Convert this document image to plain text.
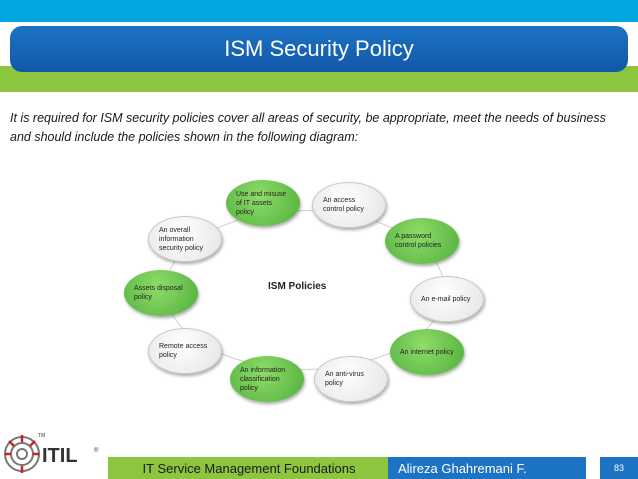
ISM Security Policy

It is required for ISM security policies cover all areas of security, be appropriate, meet the needs of business and should include the policies shown in the following diagram:

ISM Policies
Use and misuse of IT assets policy
An access control policy
A password control policies
An e-mail policy
An internet policy
An anti-virus policy
An information classification policy
Remote access policy
Assets disposal policy
An overall information security policy
TM
ITIL	®
IT Service Management Foundations	Alireza Ghahremani F.	83
